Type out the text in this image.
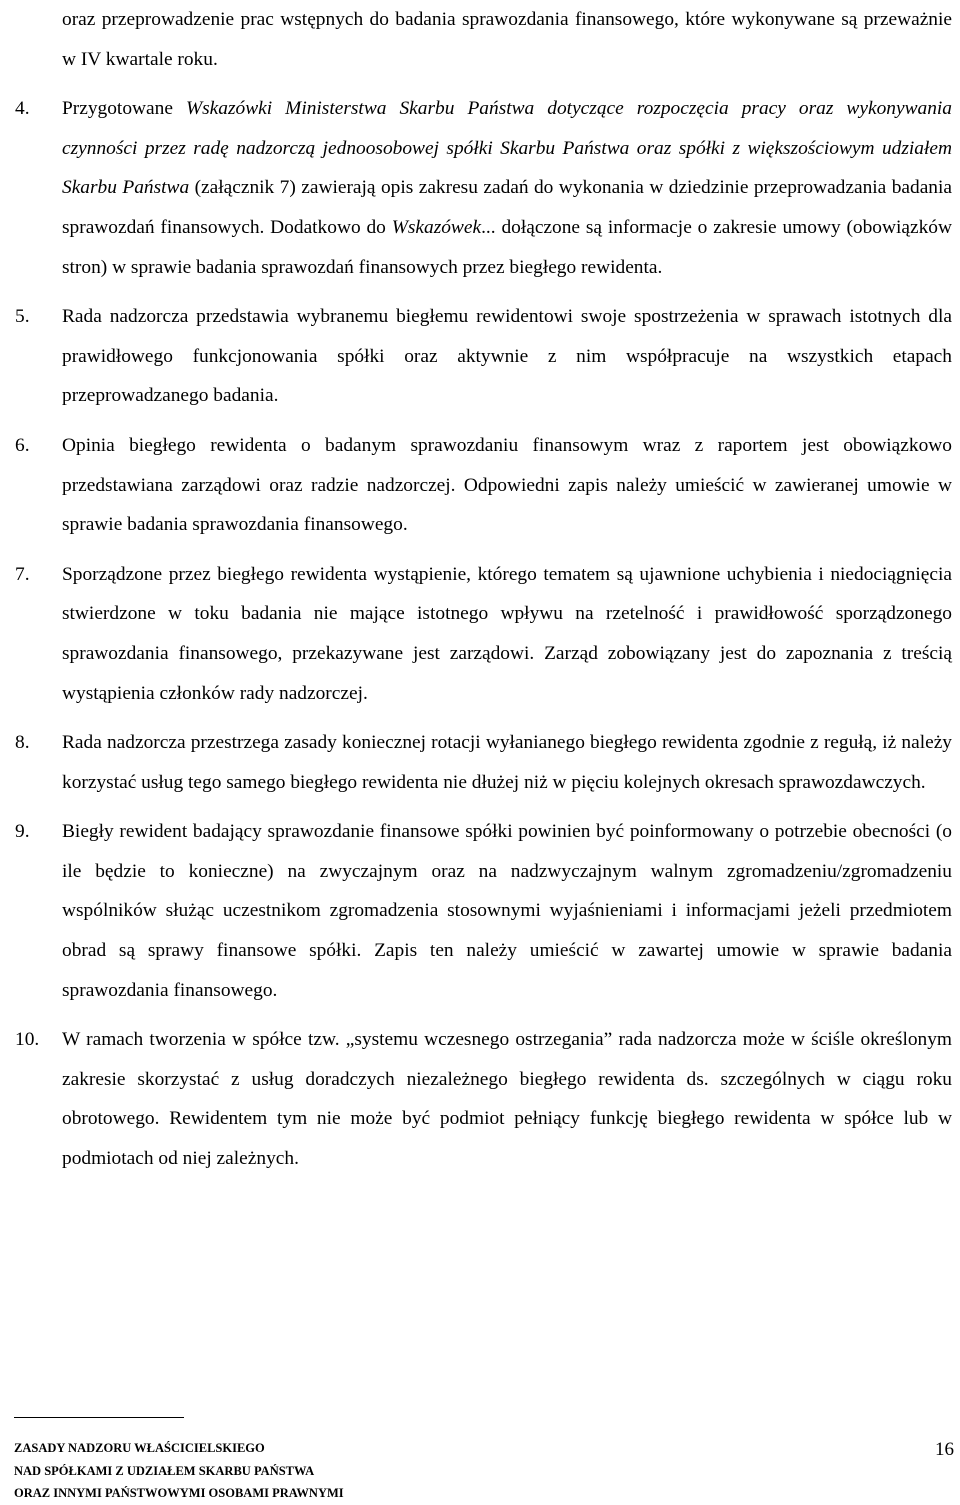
oraz przeprowadzenie prac wstępnych do badania sprawozdania finansowego, które wykonywane są przeważnie w IV kwartale roku.

4.	Przygotowane Wskazówki Ministerstwa Skarbu Państwa dotyczące rozpoczęcia pracy oraz wykonywania czynności przez radę nadzorczą jednoosobowej spółki Skarbu Państwa oraz spółki z większościowym udziałem Skarbu Państwa (załącznik 7) zawierają opis zakresu zadań do wykonania w dziedzinie przeprowadzania badania sprawozdań finansowych. Dodatkowo do Wskazówek... dołączone są informacje o zakresie umowy (obowiązków stron) w sprawie badania sprawozdań finansowych przez biegłego rewidenta.
5.	Rada nadzorcza przedstawia wybranemu biegłemu rewidentowi swoje spostrzeżenia w sprawach istotnych dla prawidłowego funkcjonowania spółki oraz aktywnie z nim współpracuje na wszystkich etapach przeprowadzanego badania.
6.	Opinia biegłego rewidenta o badanym sprawozdaniu finansowym wraz z raportem jest obowiązkowo przedstawiana zarządowi oraz radzie nadzorczej. Odpowiedni zapis należy umieścić w zawieranej umowie w sprawie badania sprawozdania finansowego.
7.	Sporządzone przez biegłego rewidenta wystąpienie, którego tematem są ujawnione uchybienia i niedociągnięcia stwierdzone w toku badania nie mające istotnego wpływu na rzetelność i prawidłowość sporządzonego sprawozdania finansowego, przekazywane jest zarządowi. Zarząd zobowiązany jest do zapoznania z treścią wystąpienia członków rady nadzorczej.
8.	Rada nadzorcza przestrzega zasady koniecznej rotacji wyłanianego biegłego rewidenta zgodnie z regułą, iż należy korzystać usług tego samego biegłego rewidenta nie dłużej niż w pięciu kolejnych okresach sprawozdawczych.
9.	Biegły rewident badający sprawozdanie finansowe spółki powinien być poinformowany o potrzebie obecności (o ile będzie to konieczne) na zwyczajnym oraz na nadzwyczajnym walnym zgromadzeniu/zgromadzeniu wspólników służąc uczestnikom zgromadzenia stosownymi wyjaśnieniami i informacjami jeżeli przedmiotem obrad są sprawy finansowe spółki. Zapis ten należy umieścić w zawartej umowie w sprawie badania sprawozdania finansowego.
10.	W ramach tworzenia w spółce tzw. „systemu wczesnego ostrzegania” rada nadzorcza może w ściśle określonym zakresie skorzystać z usług doradczych niezależnego biegłego rewidenta ds. szczególnych w ciągu roku obrotowego. Rewidentem tym nie może być podmiot pełniący funkcję biegłego rewidenta w spółce lub w podmiotach od niej zależnych.
ZASADY NADZORU WŁAŚCICIELSKIEGO
NAD SPÓŁKAMI Z UDZIAŁEM SKARBU PAŃSTWA
ORAZ INNYMI PAŃSTWOWYMI OSOBAMI PRAWNYMI
16
